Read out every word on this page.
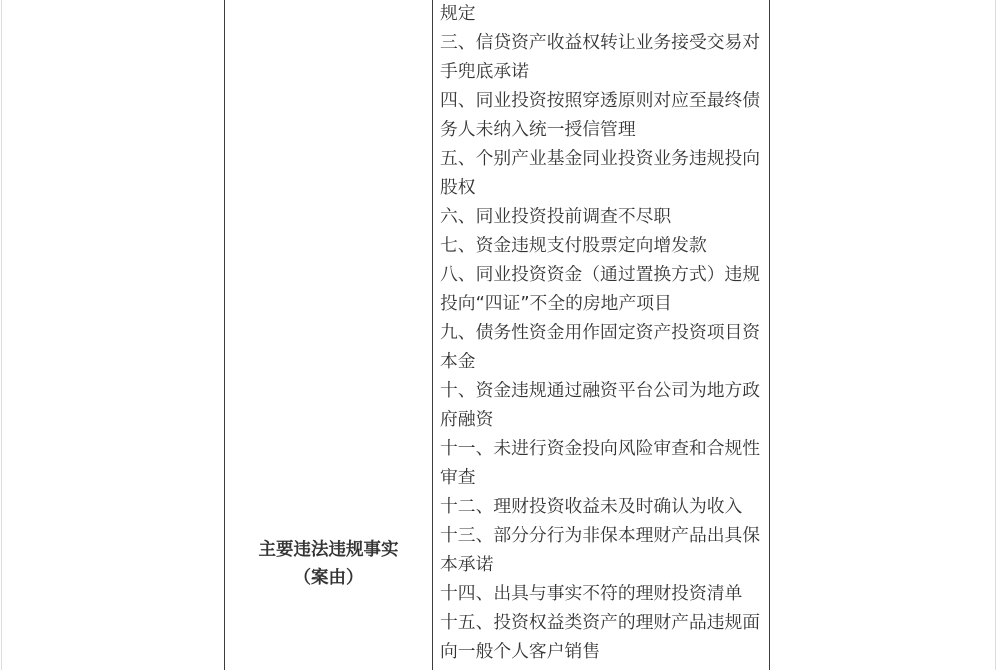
主要违法违规事实
（案由）
规定
三、信贷资产收益权转让业务接受交易对
手兜底承诺
四、同业投资按照穿透原则对应至最终债
务人未纳入统一授信管理
五、个别产业基金同业投资业务违规投向
股权
六、同业投资投前调查不尽职
七、资金违规支付股票定向增发款
八、同业投资资金（通过置换方式）违规
投向“四证”不全的房地产项目
九、债务性资金用作固定资产投资项目资
本金
十、资金违规通过融资平台公司为地方政
府融资
十一、未进行资金投向风险审查和合规性
审查
十二、理财投资收益未及时确认为收入
十三、部分分行为非保本理财产品出具保
本承诺
十四、出具与事实不符的理财投资清单
十五、投资权益类资产的理财产品违规面
向一般个人客户销售
